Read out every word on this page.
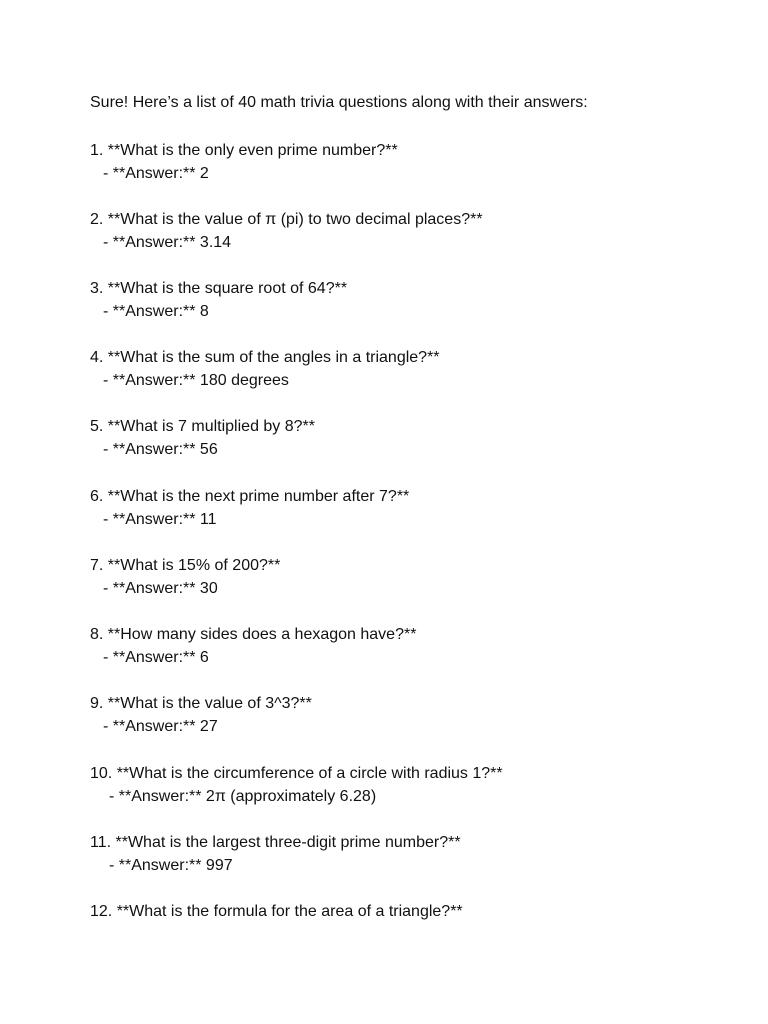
Sure! Here’s a list of 40 math trivia questions along with their answers:
1. **What is the only even prime number?**
- **Answer:** 2
2. **What is the value of π (pi) to two decimal places?**
- **Answer:** 3.14
3. **What is the square root of 64?**
- **Answer:** 8
4. **What is the sum of the angles in a triangle?**
- **Answer:** 180 degrees
5. **What is 7 multiplied by 8?**
- **Answer:** 56
6. **What is the next prime number after 7?**
- **Answer:** 11
7. **What is 15% of 200?**
- **Answer:** 30
8. **How many sides does a hexagon have?**
- **Answer:** 6
9. **What is the value of 3^3?**
- **Answer:** 27
10. **What is the circumference of a circle with radius 1?**
- **Answer:** 2π (approximately 6.28)
11. **What is the largest three-digit prime number?**
- **Answer:** 997
12. **What is the formula for the area of a triangle?**
